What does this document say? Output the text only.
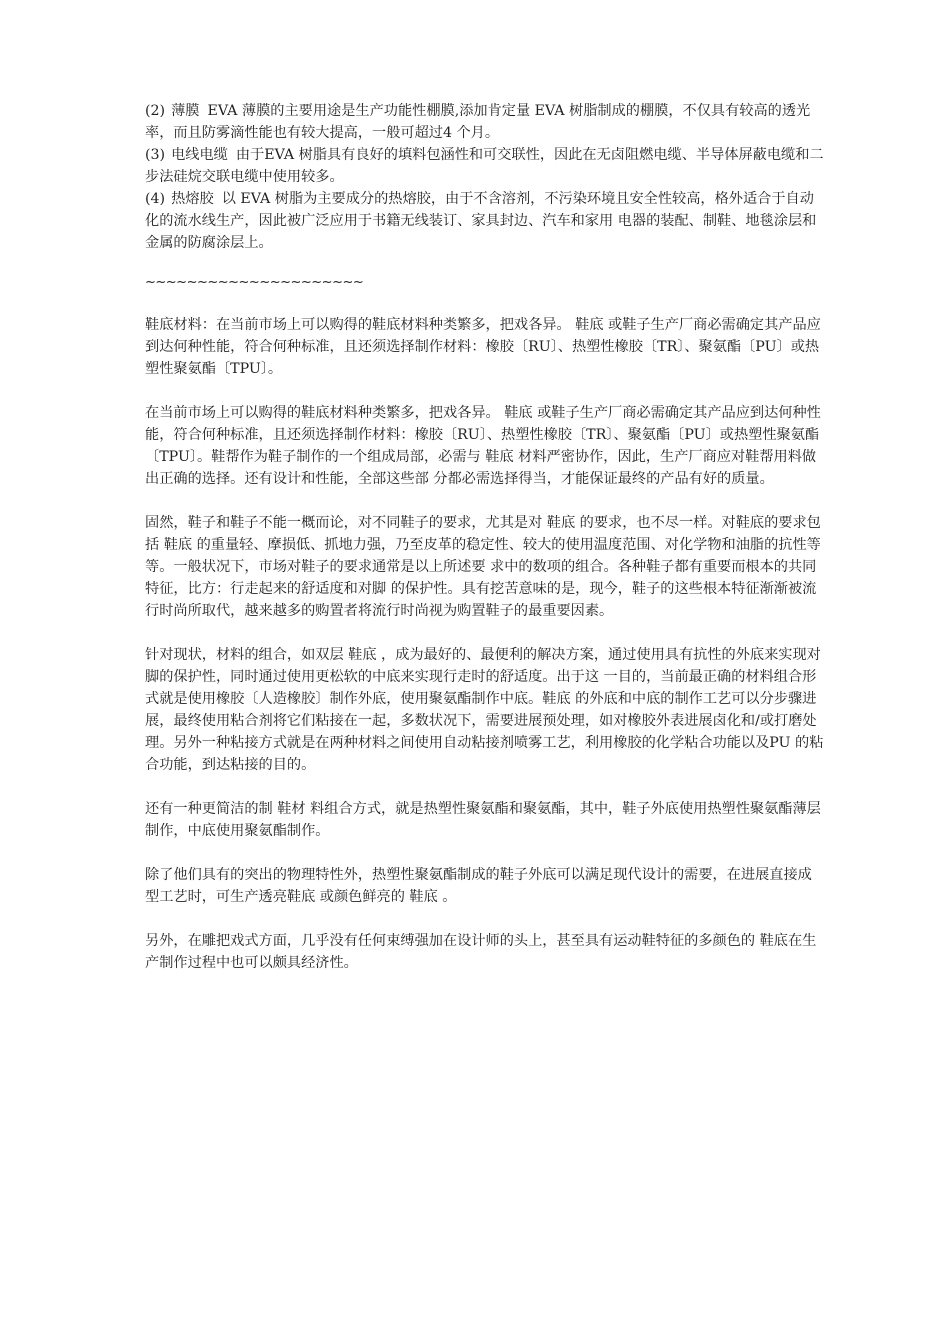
(2) 薄膜 EVA 薄膜的主要用途是生产功能性棚膜,添加肯定量 EVA 树脂制成的棚膜，不仅具有较高的透光率，而且防雾滴性能也有较大提高，一般可超过4 个月。
(3) 电线电缆 由于EVA 树脂具有良好的填料包涵性和可交联性，因此在无卤阻燃电缆、半导体屏蔽电缆和二步法硅烷交联电缆中使用较多。
(4) 热熔胶 以 EVA 树脂为主要成分的热熔胶，由于不含溶剂，不污染环境且安全性较高，格外适合于自动化的流水线生产，因此被广泛应用于书籍无线装订、家具封边、汽车和家用 电器的装配、制鞋、地毯涂层和金属的防腐涂层上。
~~~~~~~~~~~~~~~~~~~~~

鞋底材料：在当前市场上可以购得的鞋底材料种类繁多，把戏各异。 鞋底 或鞋子生产厂商必需确定其产品应到达何种性能，符合何种标准，且还须选择制作材料：橡胶〔RU〕、热塑性橡胶〔TR〕、聚氨酯〔PU〕或热塑性聚氨酯〔TPU〕。

在当前市场上可以购得的鞋底材料种类繁多，把戏各异。 鞋底 或鞋子生产厂商必需确定其产品应到达何种性能，符合何种标准，且还须选择制作材料：橡胶〔RU〕、热塑性橡胶〔TR〕、聚氨酯〔PU〕或热塑性聚氨酯〔TPU〕。鞋帮作为鞋子制作的一个组成局部，必需与 鞋底 材料严密协作，因此，生产厂商应对鞋帮用料做出正确的选择。还有设计和性能，全部这些部 分都必需选择得当，才能保证最终的产品有好的质量。

固然，鞋子和鞋子不能一概而论，对不同鞋子的要求，尤其是对 鞋底 的要求，也不尽一样。对鞋底的要求包括 鞋底 的重量轻、摩损低、抓地力强，乃至皮革的稳定性、较大的使用温度范围、对化学物和油脂的抗性等等。一般状况下，市场对鞋子的要求通常是以上所述要 求中的数项的组合。各种鞋子都有重要而根本的共同特征，比方：行走起来的舒适度和对脚 的保护性。具有挖苦意味的是，现今，鞋子的这些根本特征渐渐被流行时尚所取代，越来越多的购置者将流行时尚视为购置鞋子的最重要因素。

针对现状，材料的组合，如双层 鞋底 ，成为最好的、最便利的解决方案，通过使用具有抗性的外底来实现对脚的保护性，同时通过使用更松软的中底来实现行走时的舒适度。出于这 一目的，当前最正确的材料组合形式就是使用橡胶〔人造橡胶〕制作外底，使用聚氨酯制作中底。鞋底 的外底和中底的制作工艺可以分步骤进展，最终使用粘合剂将它们粘接在一起，多数状况下，需要进展预处理，如对橡胶外表进展卤化和/或打磨处理。另外一种粘接方式就是在两种材料之间使用自动粘接剂喷雾工艺，利用橡胶的化学粘合功能以及PU 的粘合功能，到达粘接的目的。

还有一种更简洁的制 鞋材 料组合方式，就是热塑性聚氨酯和聚氨酯，其中，鞋子外底使用热塑性聚氨酯薄层制作，中底使用聚氨酯制作。

除了他们具有的突出的物理特性外，热塑性聚氨酯制成的鞋子外底可以满足现代设计的需要，在进展直接成型工艺时，可生产透亮鞋底 或颜色鲜亮的 鞋底 。

另外，在雕把戏式方面，几乎没有任何束缚强加在设计师的头上，甚至具有运动鞋特征的多颜色的 鞋底在生产制作过程中也可以颇具经济性。
